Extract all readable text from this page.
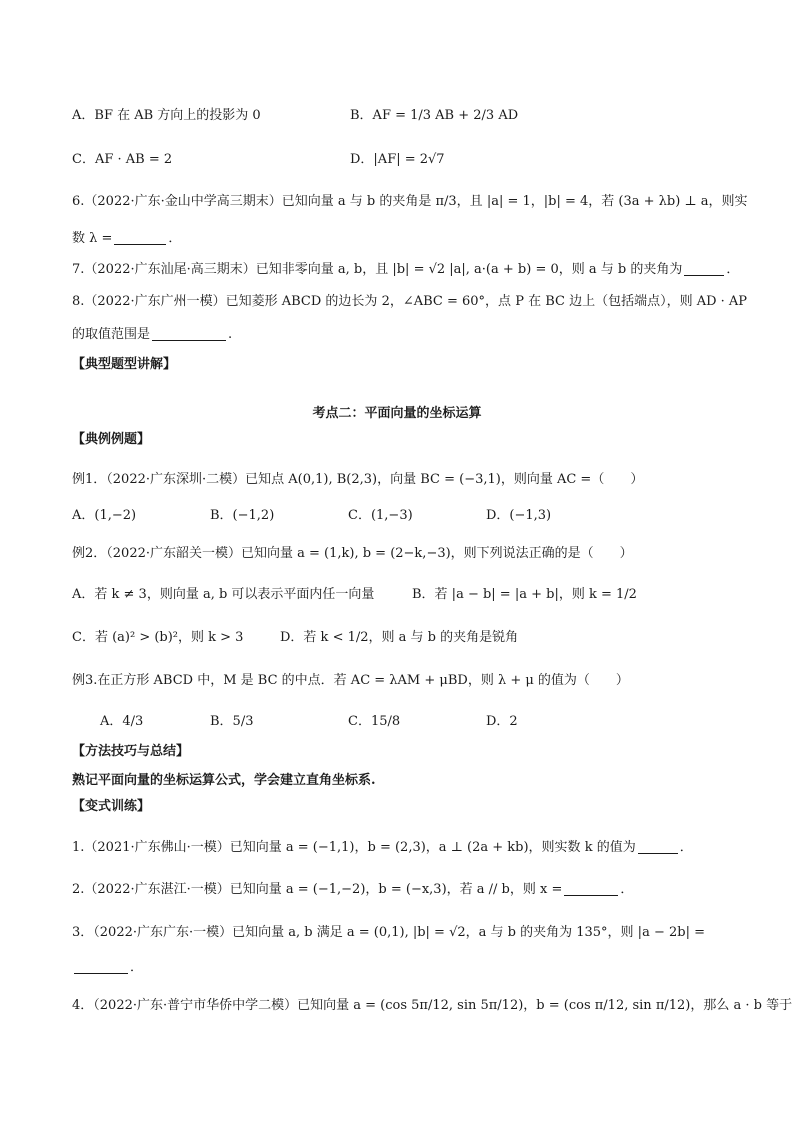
A．BF 在 AB 方向上的投影为 0	B．AF = 1/3 AB + 2/3 AD
C．AF · AB = 2	D．|AF| = 2√7
6.（2022·广东·金山中学高三期末）已知向量 a 与 b 的夹角是 π/3，且 |a| = 1，|b| = 4，若 (3a + λb) ⊥ a，则实
数 λ =	．
7.（2022·广东汕尾·高三期末）已知非零向量 a, b，且 |b| = √2 |a|, a·(a + b) = 0，则 a 与 b 的夹角为	．
8.（2022·广东广州一模）已知菱形 ABCD 的边长为 2，∠ABC = 60°，点 P 在 BC 边上（包括端点），则 AD · AP
的取值范围是	.
【典型题型讲解】
考点二：平面向量的坐标运算
【典例例题】
例1．（2022·广东深圳·二模）已知点 A(0,1), B(2,3)，向量 BC = (−3,1)，则向量 AC =（　　）
A．(1,−2)	B．(−1,2)	C．(1,−3)	D．(−1,3)
例2．（2022·广东韶关一模）已知向量 a = (1,k), b = (2−k,−3)，则下列说法正确的是（　　）
A．若 k ≠ 3，则向量 a, b 可以表示平面内任一向量	B．若 |a − b| = |a + b|，则 k = 1/2
C．若 (a)² > (b)²，则 k > 3	D．若 k < 1/2，则 a 与 b 的夹角是锐角
例3.在正方形 ABCD 中，M 是 BC 的中点．若 AC = λAM + μBD，则 λ + μ 的值为（　　）
A．4/3	B．5/3	C．15/8	D．2
【方法技巧与总结】
熟记平面向量的坐标运算公式，学会建立直角坐标系.
【变式训练】
1.（2021·广东佛山·一模）已知向量 a = (−1,1)，b = (2,3)，a ⊥ (2a + kb)，则实数 k 的值为	．
2.（2022·广东湛江·一模）已知向量 a = (−1,−2)，b = (−x,3)，若 a // b，则 x =	．
3．（2022·广东广东·一模）已知向量 a, b 满足 a = (0,1), |b| = √2，a 与 b 的夹角为 135°，则 |a − 2b| =
．
4．（2022·广东·普宁市华侨中学二模）已知向量 a = (cos 5π/12, sin 5π/12)，b = (cos π/12, sin π/12)，那么 a · b 等于
